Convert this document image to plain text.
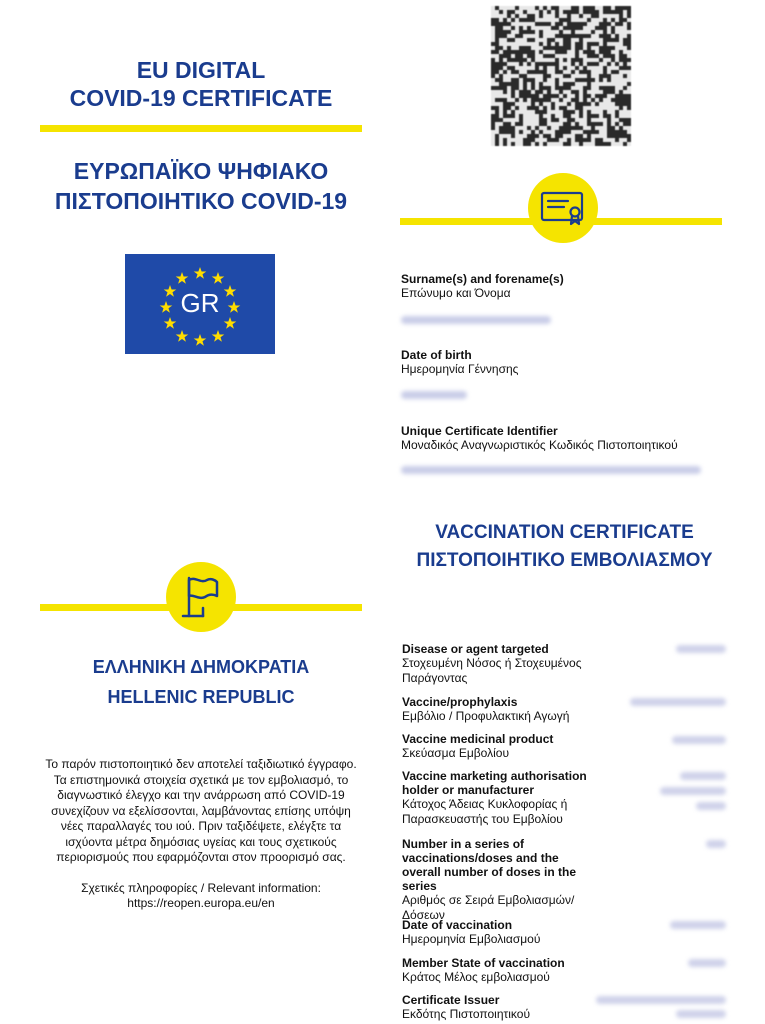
EU DIGITAL
COVID-19 CERTIFICATE
ΕΥΡΩΠΑΪΚΟ ΨΗΦΙΑΚΟ
ΠΙΣΤΟΠΟΙΗΤΙΚΟ COVID-19
GR
ΕΛΛΗΝΙΚΗ ΔΗΜΟΚΡΑΤΙΑ
HELLENIC REPUBLIC
Το παρόν πιστοποιητικό δεν αποτελεί ταξιδιωτικό έγγραφο. Τα επιστημονικά στοιχεία σχετικά με τον εμβολιασμό, το διαγνωστικό έλεγχο και την ανάρρωση από COVID-19 συνεχίζουν να εξελίσσονται, λαμβάνοντας επίσης υπόψη νέες παραλλαγές του ιού. Πριν ταξιδέψετε, ελέγξτε τα ισχύοντα μέτρα δημόσιας υγείας και τους σχετικούς περιορισμούς που εφαρμόζονται στον προορισμό σας.
Σχετικές πληροφορίες / Relevant information:
https://reopen.europa.eu/en
Surname(s) and forename(s)
Επώνυμο και Όνομα
Date of birth
Ημερομηνία Γέννησης
Unique Certificate Identifier
Μοναδικός Αναγνωριστικός Κωδικός Πιστοποιητικού
VACCINATION CERTIFICATE
ΠΙΣΤΟΠΟΙΗΤΙΚΟ ΕΜΒΟΛΙΑΣΜΟΥ
Disease or agent targeted
Στοχευμένη Νόσος ή Στοχευμένος Παράγοντας
Vaccine/prophylaxis
Εμβόλιο / Προφυλακτική Αγωγή
Vaccine medicinal product
Σκεύασμα Εμβολίου
Vaccine marketing authorisation holder or manufacturer
Κάτοχος Άδειας Κυκλοφορίας ή Παρασκευαστής του Εμβολίου
Number in a series of vaccinations/doses and the overall number of doses in the series
Αριθμός σε Σειρά Εμβολιασμών/Δόσεων
Date of vaccination
Ημερομηνία Εμβολιασμού
Member State of vaccination
Κράτος Μέλος εμβολιασμού
Certificate Issuer
Εκδότης Πιστοποιητικού
